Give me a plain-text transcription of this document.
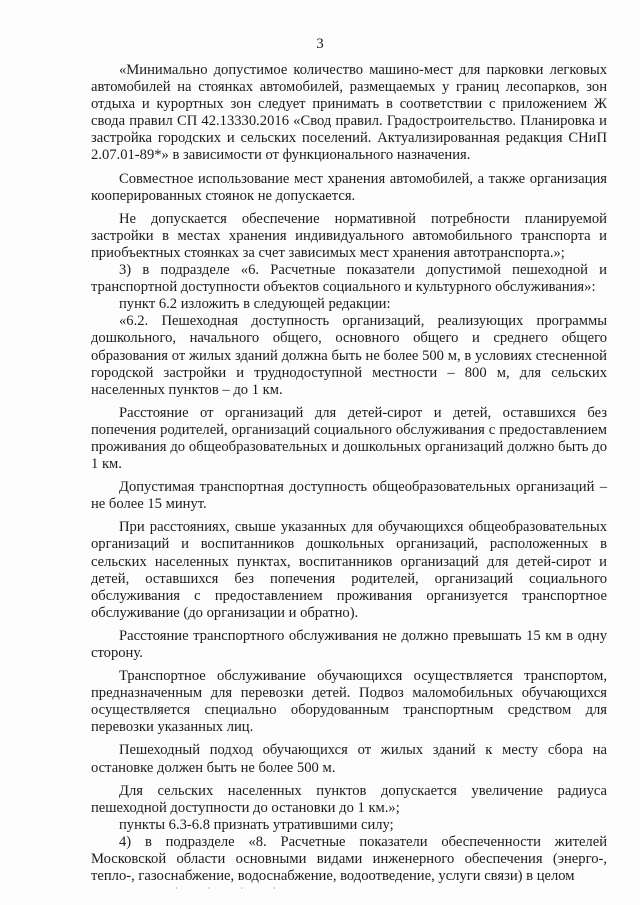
3

«Минимально допустимое количество машино-мест для парковки легковых автомобилей на стоянках автомобилей, размещаемых у границ лесопарков, зон отдыха и курортных зон следует принимать в соответствии с приложением Ж свода правил СП 42.13330.2016 «Свод правил. Градостроительство. Планировка и застройка городских и сельских поселений. Актуализированная редакция СНиП 2.07.01-89*» в зависимости от функционального назначения.

Совместное использование мест хранения автомобилей, а также организация кооперированных стоянок не допускается.

Не допускается обеспечение нормативной потребности планируемой застройки в местах хранения индивидуального автомобильного транспорта и приобъектных стоянках за счет зависимых мест хранения автотранспорта.»;

3) в подразделе «6. Расчетные показатели допустимой пешеходной и транспортной доступности объектов социального и культурного обслуживания»:

пункт 6.2 изложить в следующей редакции:

«6.2. Пешеходная доступность организаций, реализующих программы дошкольного, начального общего, основного общего и среднего общего образования от жилых зданий должна быть не более 500 м, в условиях стесненной городской застройки и труднодоступной местности – 800 м, для сельских населенных пунктов – до 1 км.

Расстояние от организаций для детей-сирот и детей, оставшихся без попечения родителей, организаций социального обслуживания с предоставлением проживания до общеобразовательных и дошкольных организаций должно быть до 1 км.

Допустимая транспортная доступность общеобразовательных организаций – не более 15 минут.

При расстояниях, свыше указанных для обучающихся общеобразовательных организаций и воспитанников дошкольных организаций, расположенных в сельских населенных пунктах, воспитанников организаций для детей-сирот и детей, оставшихся без попечения родителей, организаций социального обслуживания с предоставлением проживания организуется транспортное обслуживание (до организации и обратно).

Расстояние транспортного обслуживания не должно превышать 15 км в одну сторону.

Транспортное обслуживание обучающихся осуществляется транспортом, предназначенным для перевозки детей. Подвоз маломобильных обучающихся осуществляется специально оборудованным транспортным средством для перевозки указанных лиц.

Пешеходный подход обучающихся от жилых зданий к месту сбора на остановке должен быть не более 500 м.

Для сельских населенных пунктов допускается увеличение радиуса пешеходной доступности до остановки до 1 км.»;

пункты 6.3-6.8 признать утратившими силу;

4) в подразделе «8. Расчетные показатели обеспеченности жителей Московской области основными видами инженерного обеспечения (энерго-, тепло-, газоснабжение, водоснабжение, водоотведение, услуги связи) в целом

· · · ·
